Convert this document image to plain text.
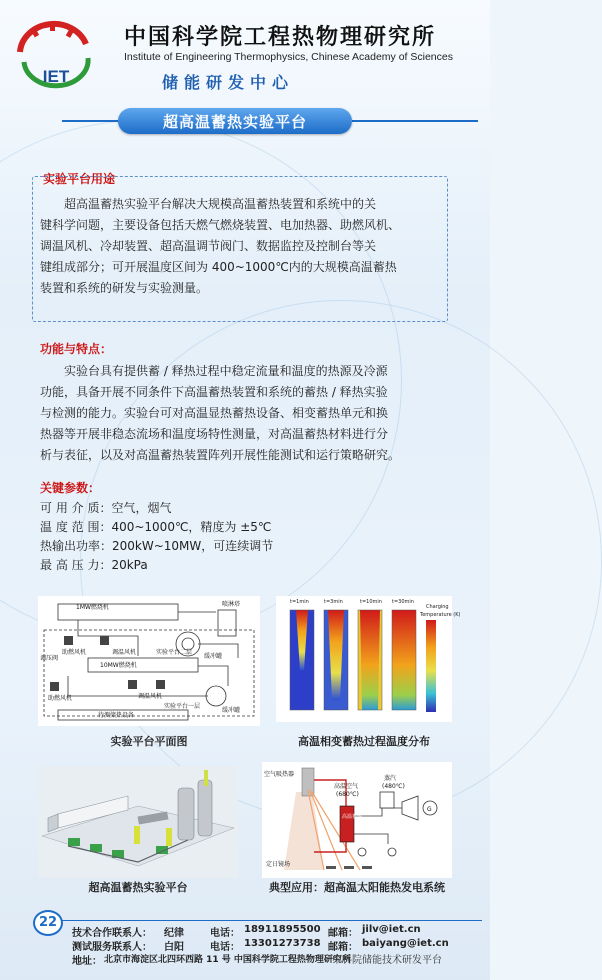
IET
中国科学院工程热物理研究所
Institute of Engineering Thermophysics, Chinese Academy of Sciences
储能研发中心
超高温蓄热实验平台
实验平台用途
超高温蓄热实验平台解决大规模高温蓄热装置和系统中的关
键科学问题，主要设备包括天燃气燃烧装置、电加热器、助燃风机、
调温风机、冷却装置、超高温调节阀门、数据监控及控制台等关
键组成部分；可开展温度区间为 400~1000℃内的大规模高温蓄热
装置和系统的研发与实验测量。
功能与特点：
实验台具有提供蓄 / 释热过程中稳定流量和温度的热源及冷源
功能，具备开展不同条件下高温蓄热装置和系统的蓄热 / 释热实验
与检测的能力。实验台可对高温显热蓄热设备、相变蓄热单元和换
热器等开展非稳态流场和温度场特性测量，对高温蓄热材料进行分
析与表征，以及对高温蓄热装置阵列开展性能测试和运行策略研究。
关键参数：
可 用 介 质：空气，烟气
温 度 范 围：400~1000℃，精度为 ±5℃
热输出功率：200kW~10MW，可连续调节
最 高 压 力：20kPa
1MW燃烧机
10MW燃烧机
助燃风机	调温风机
助燃风机	调温风机
喷淋塔
缓冲罐
缓冲罐
调压阀
实验平台一层
实验平台二层
待测储热设备
实验平台平面图
t=1min	t=3min	t=10min t=30min
Charging
Temperature (K)
高温相变蓄热过程温度分布
超高温蓄热实验平台
空气吸热器
高温空气
(680℃)
高温蓄热
蒸汽
(480℃)
定日镜场
G
典型应用：超高温太阳能热发电系统
22
技术合作联系人： 纪律	电话： 18911895500 邮箱： jilv@iet.cn
测试服务联系人： 白阳	电话： 13301273738 邮箱： baiyang@iet.cn
地址： 北京市海淀区北四环西路 11 号 中国科学院工程热物理研究所
中科院储能技术研发平台
